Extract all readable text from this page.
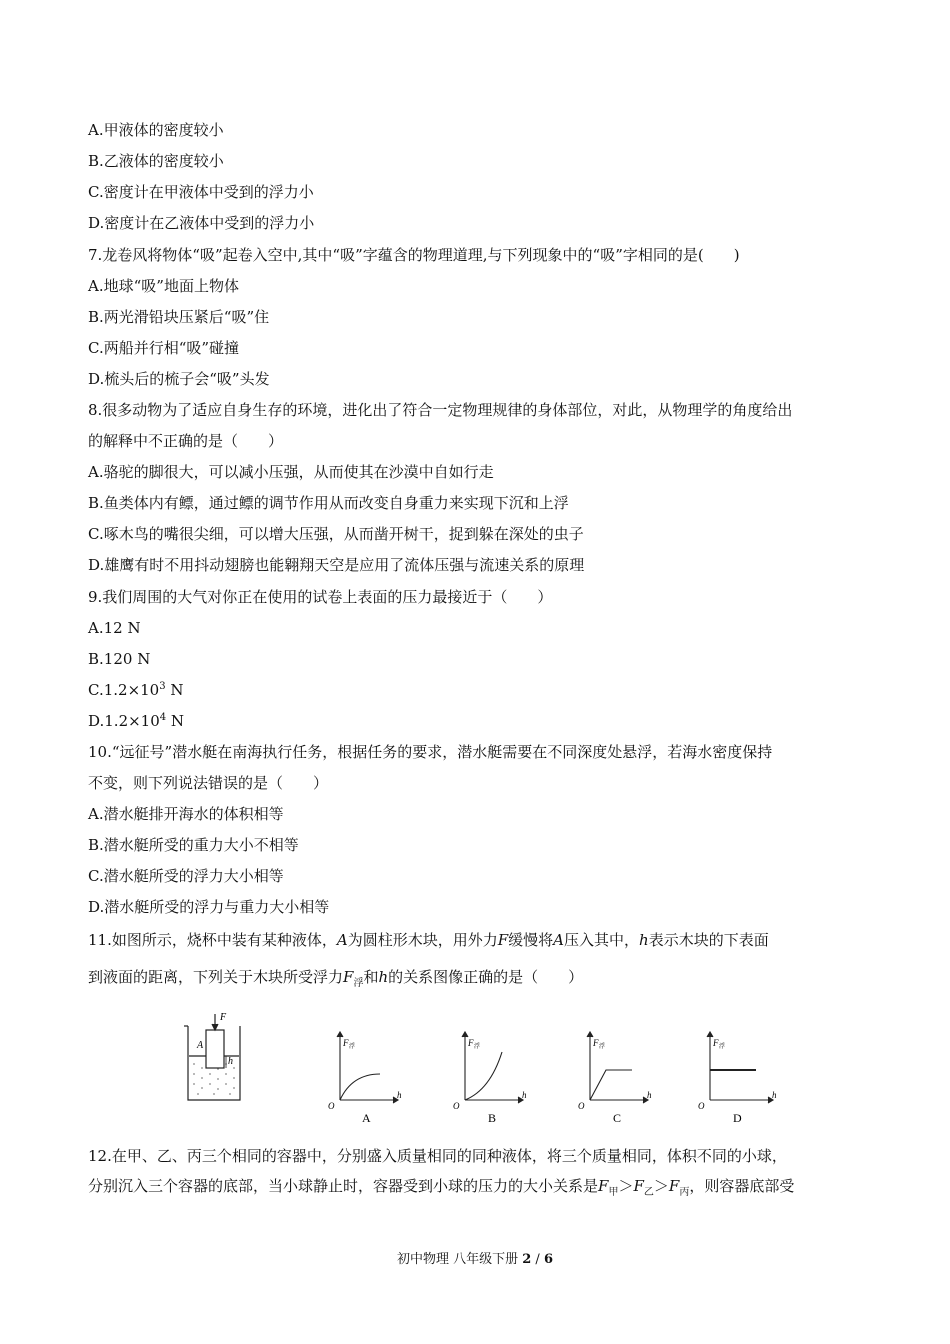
A.甲液体的密度较小
B.乙液体的密度较小
C.密度计在甲液体中受到的浮力小
D.密度计在乙液体中受到的浮力小
7.龙卷风将物体“吸”起卷入空中,其中“吸”字蕴含的物理道理,与下列现象中的“吸”字相同的是(　　)
A.地球“吸”地面上物体
B.两光滑铅块压紧后“吸”住
C.两船并行相“吸”碰撞
D.梳头后的梳子会“吸”头发
8.很多动物为了适应自身生存的环境，进化出了符合一定物理规律的身体部位，对此，从物理学的角度给出
的解释中不正确的是（　　）
A.骆驼的脚很大，可以减小压强，从而使其在沙漠中自如行走
B.鱼类体内有鳔，通过鳔的调节作用从而改变自身重力来实现下沉和上浮
C.啄木鸟的嘴很尖细，可以增大压强，从而凿开树干，捉到躲在深处的虫子
D.雄鹰有时不用抖动翅膀也能翱翔天空是应用了流体压强与流速关系的原理
9.我们周围的大气对你正在使用的试卷上表面的压力最接近于（　　）
A.12 N
B.120 N
$C.1.2\times 10^3$ N
$D.1.2\times 10^4$ N
10.“远征号”潜水艇在南海执行任务，根据任务的要求，潜水艇需要在不同深度处悬浮，若海水密度保持
不变，则下列说法错误的是（　　）
A.潜水艇排开海水的体积相等
B.潜水艇所受的重力大小不相等
C.潜水艇所受的浮力大小相等
D.潜水艇所受的浮力与重力大小相等
11.如图所示，烧杯中装有某种液体，A为圆柱形木块，用外力F缓慢将A压入其中，h表示木块的下表面
到液面的距离，下列关于木块所受浮力$F_浮$和h的关系图像正确的是（　　）
F
A
h
F 浮
h
O
A
F 浮
h
O
B
F 浮
h
O
C
F 浮
h
O
D
12.在甲、乙、丙三个相同的容器中，分别盛入质量相同的同种液体，将三个质量相同，体积不同的小球，
分别沉入三个容器的底部，当小球静止时，容器受到小球的压力的大小关系是$F_甲>F_乙>F_丙$，则容器底部受
初中物理 八年级下册 2 / 6
